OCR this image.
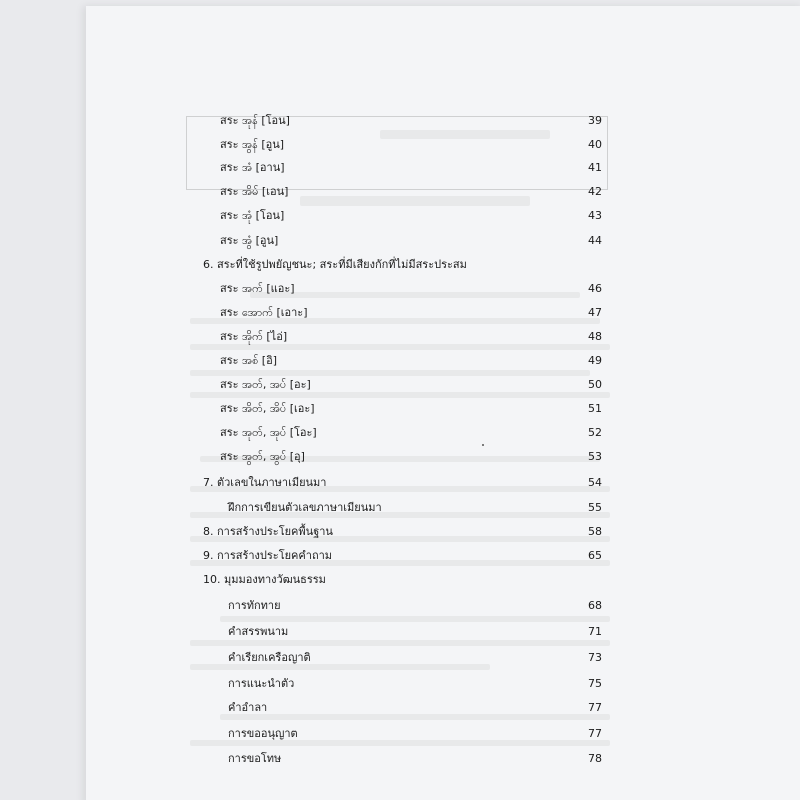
สระ အုန် [โอน]	39
สระ အွန် [อูน]	40
สระ အံ [อาน]	41
สระ အိမ် [เอน]	42
สระ အုံ [โอน]	43
สระ အွံ [อูน]	44
6. สระที่ใช้รูปพยัญชนะ; สระที่มีเสียงกักที่ไม่มีสระประสม
สระ အက် [แอะ]	46
สระ အောက် [เอาะ]	47
สระ အိုက် [ไอ่]	48
สระ အစ် [อิ]	49
สระ အတ်, အပ် [อะ]	50
สระ အိတ်, အိပ် [เอะ]	51
สระ အုတ်, အုပ် [โอะ]	52
สระ အွတ်, အွပ် [อุ]	53
7. ตัวเลขในภาษาเมียนมา	54
ฝึกการเขียนตัวเลขภาษาเมียนมา	55
8. การสร้างประโยคพื้นฐาน	58
9. การสร้างประโยคคำถาม	65
10. มุมมองทางวัฒนธรรม
การทักทาย	68
คำสรรพนาม	71
คำเรียกเครือญาติ	73
การแนะนำตัว	75
คำอำลา	77
การขออนุญาต	77
การขอโทษ	78
